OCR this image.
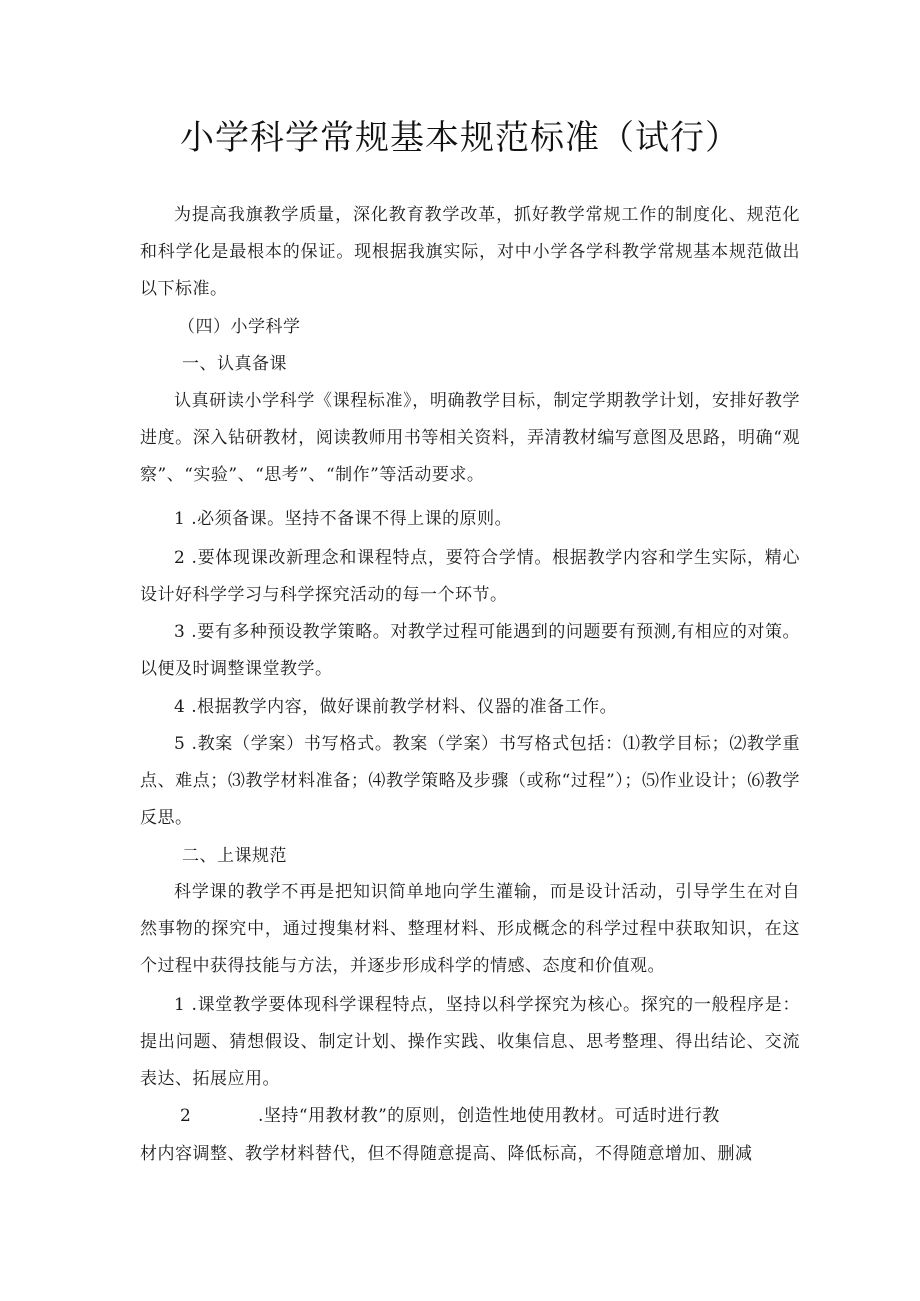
小学科学常规基本规范标准（试行）

为提高我旗教学质量，深化教育教学改革，抓好教学常规工作的制度化、规范化和科学化是最根本的保证。现根据我旗实际，对中小学各学科教学常规基本规范做出以下标准。

（四）小学科学

一、认真备课

认真研读小学科学《课程标准》，明确教学目标，制定学期教学计划，安排好教学进度。深入钻研教材，阅读教师用书等相关资料，弄清教材编写意图及思路，明确“观察”、“实验”、“思考”、“制作”等活动要求。

1 .必须备课。坚持不备课不得上课的原则。

2 .要体现课改新理念和课程特点，要符合学情。根据教学内容和学生实际，精心设计好科学学习与科学探究活动的每一个环节。

3 .要有多种预设教学策略。对教学过程可能遇到的问题要有预测,有相应的对策。以便及时调整课堂教学。

4 .根据教学内容，做好课前教学材料、仪器的准备工作。

5 .教案（学案）书写格式。教案（学案）书写格式包括：⑴教学目标；⑵教学重点、难点；⑶教学材料准备；⑷教学策略及步骤（或称“过程”）；⑸作业设计；⑹教学反思。

二、上课规范

科学课的教学不再是把知识简单地向学生灌输，而是设计活动，引导学生在对自然事物的探究中，通过搜集材料、整理材料、形成概念的科学过程中获取知识，在这个过程中获得技能与方法，并逐步形成科学的情感、态度和价值观。

1 .课堂教学要体现科学课程特点，坚持以科学探究为核心。探究的一般程序是：提出问题、猜想假设、制定计划、操作实践、收集信息、思考整理、得出结论、交流表达、拓展应用。

2	.坚持“用教材教”的原则，创造性地使用教材。可适时进行教

材内容调整、教学材料替代，但不得随意提高、降低标高，不得随意增加、删减
